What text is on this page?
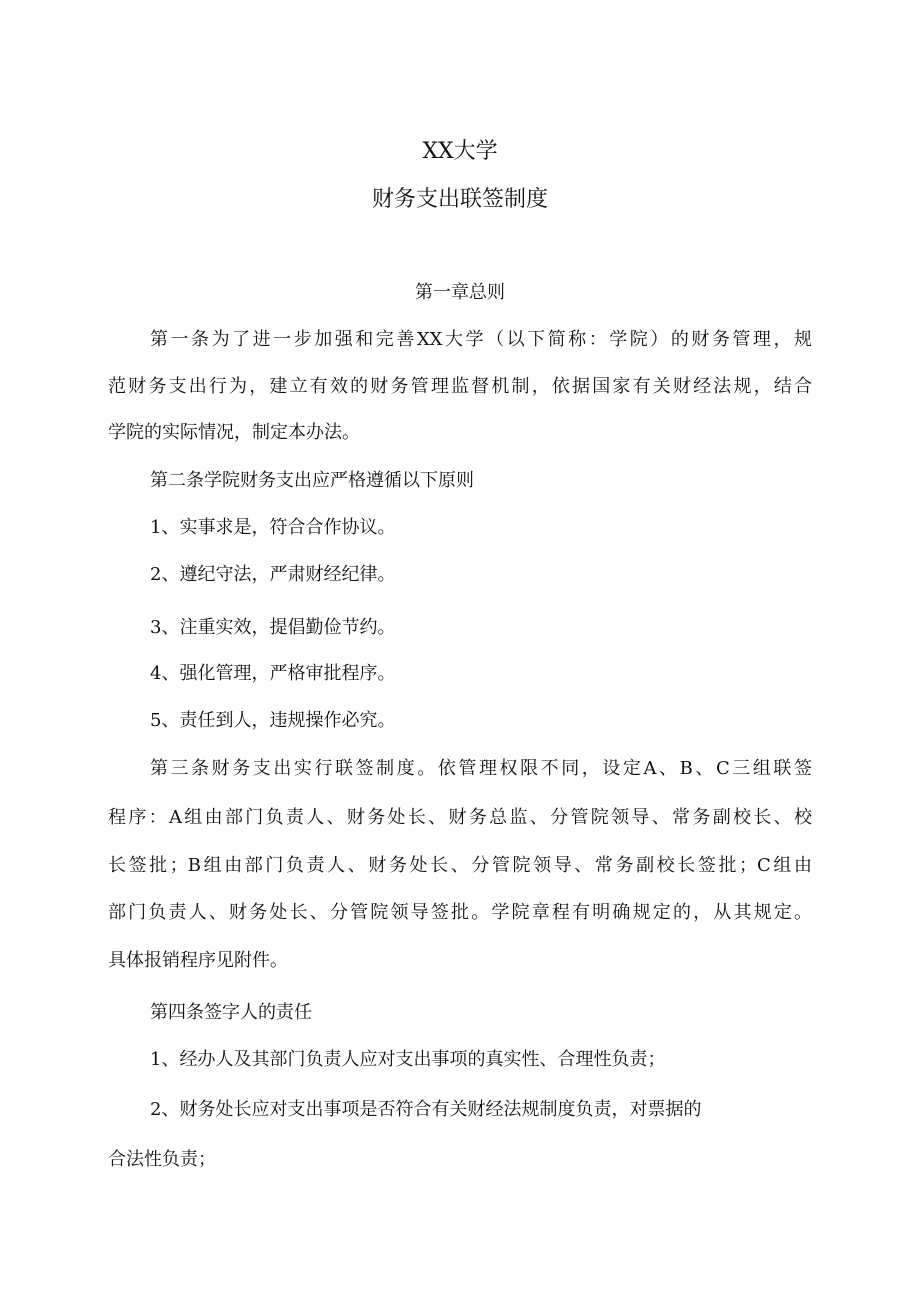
XX大学
财务支出联签制度
第一章总则
第一条为了进一步加强和完善XX大学（以下简称：学院）的财务管理，规
范财务支出行为，建立有效的财务管理监督机制，依据国家有关财经法规，结合
学院的实际情况，制定本办法。
第二条学院财务支出应严格遵循以下原则
1、实事求是，符合合作协议。
2、遵纪守法，严肃财经纪律。
3、注重实效，提倡勤俭节约。
4、强化管理，严格审批程序。
5、责任到人，违规操作必究。
第三条财务支出实行联签制度。依管理权限不同，设定A、B、C三组联签
程序：A组由部门负责人、财务处长、财务总监、分管院领导、常务副校长、校
长签批；B组由部门负责人、财务处长、分管院领导、常务副校长签批；C组由
部门负责人、财务处长、分管院领导签批。学院章程有明确规定的，从其规定。
具体报销程序见附件。
第四条签字人的责任
1、经办人及其部门负责人应对支出事项的真实性、合理性负责；
2、财务处长应对支出事项是否符合有关财经法规制度负责，对票据的
合法性负责；
